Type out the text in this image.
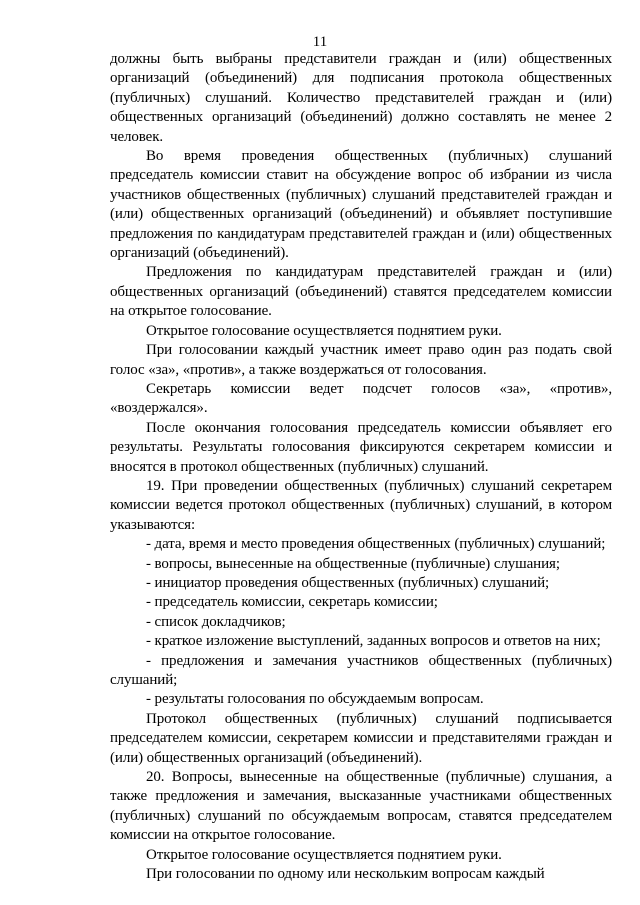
11

должны быть выбраны представители граждан и (или) общественных организаций (объединений) для подписания протокола общественных (публичных) слушаний. Количество представителей граждан и (или) общественных организаций (объединений) должно составлять не менее 2 человек.

Во время проведения общественных (публичных) слушаний председатель комиссии ставит на обсуждение вопрос об избрании из числа участников общественных (публичных) слушаний представителей граждан и (или) общественных организаций (объединений) и объявляет поступившие предложения по кандидатурам представителей граждан и (или) общественных организаций (объединений).

Предложения по кандидатурам представителей граждан и (или) общественных организаций (объединений) ставятся председателем комиссии на открытое голосование.

Открытое голосование осуществляется поднятием руки.

При голосовании каждый участник имеет право один раз подать свой голос «за», «против», а также воздержаться от голосования.

Секретарь комиссии ведет подсчет голосов «за», «против», «воздержался».

После окончания голосования председатель комиссии объявляет его результаты. Результаты голосования фиксируются секретарем комиссии и вносятся в протокол общественных (публичных) слушаний.

19. При проведении общественных (публичных) слушаний секретарем комиссии ведется протокол общественных (публичных) слушаний, в котором указываются:

- дата, время и место проведения общественных (публичных) слушаний;

- вопросы, вынесенные на общественные (публичные) слушания;

- инициатор проведения общественных (публичных) слушаний;

- председатель комиссии, секретарь комиссии;

- список докладчиков;

- краткое изложение выступлений, заданных вопросов и ответов на них;

- предложения и замечания участников общественных (публичных) слушаний;

- результаты голосования по обсуждаемым вопросам.

Протокол общественных (публичных) слушаний подписывается председателем комиссии, секретарем комиссии и представителями граждан и (или) общественных организаций (объединений).

20. Вопросы, вынесенные на общественные (публичные) слушания, а также предложения и замечания, высказанные участниками общественных (публичных) слушаний по обсуждаемым вопросам, ставятся председателем комиссии на открытое голосование.

Открытое голосование осуществляется поднятием руки.

При голосовании по одному или нескольким вопросам каждый
